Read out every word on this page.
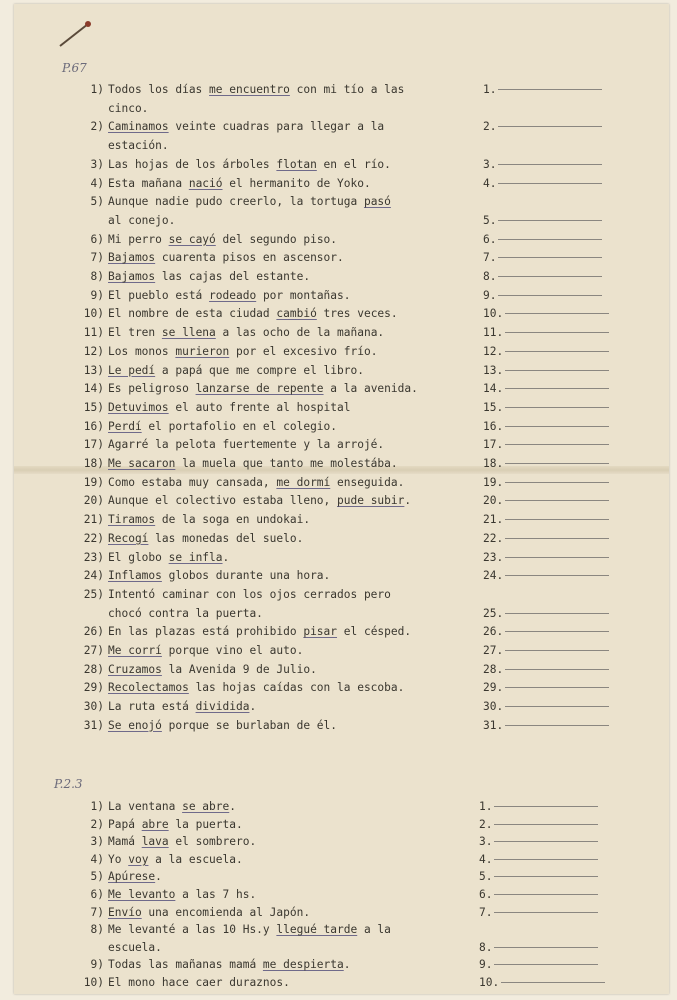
P.67
1) Todos los días me encuentro con mi tío a las
cinco.
1.
2) Caminamos veinte cuadras para llegar a la
estación.
2.
3) Las hojas de los árboles flotan en el río.	3.
4) Esta mañana nació el hermanito de Yoko.	4.
5) Aunque nadie pudo creerlo, la tortuga pasó
al conejo.	5.
6) Mi perro se cayó del segundo piso.	6.
7) Bajamos cuarenta pisos en ascensor.	7.
8) Bajamos las cajas del estante.	8.
9) El pueblo está rodeado por montañas.	9.
10) El nombre de esta ciudad cambió tres veces.	10.
11) El tren se llena a las ocho de la mañana.	11.
12) Los monos murieron por el excesivo frío.	12.
13) Le pedí a papá que me compre el libro.	13.
14) Es peligroso lanzarse de repente a la avenida.	14.
15) Detuvimos el auto frente al hospital	15.
16) Perdí el portafolio en el colegio.	16.
17) Agarré la pelota fuertemente y la arrojé.	17.
18) Me sacaron la muela que tanto me molestába.	18.
19) Como estaba muy cansada, me dormí enseguida.	19.
20) Aunque el colectivo estaba lleno, pude subir.	20.
21) Tiramos de la soga en undokai.	21.
22) Recogí las monedas del suelo.	22.
23) El globo se infla.	23.
24) Inflamos globos durante una hora.	24.
25) Intentó caminar con los ojos cerrados pero
chocó contra la puerta.	25.
26) En las plazas está prohibido pisar el césped.	26.
27) Me corrí porque vino el auto.	27.
28) Cruzamos la Avenida 9 de Julio.	28.
29) Recolectamos las hojas caídas con la escoba.	29.
30) La ruta está dividida.	30.
31) Se enojó porque se burlaban de él.	31.
P.2.3
1) La ventana se abre.	1.
2) Papá abre la puerta.	2.
3) Mamá lava el sombrero.	3.
4) Yo voy a la escuela.	4.
5) Apúrese.	5.
6) Me levanto a las 7 hs.	6.
7) Envío una encomienda al Japón.	7.
8) Me levanté a las 10 Hs.y llegué tarde a la
escuela.	8.
9) Todas las mañanas mamá me despierta.	9.
10) El mono hace caer duraznos.	10.
